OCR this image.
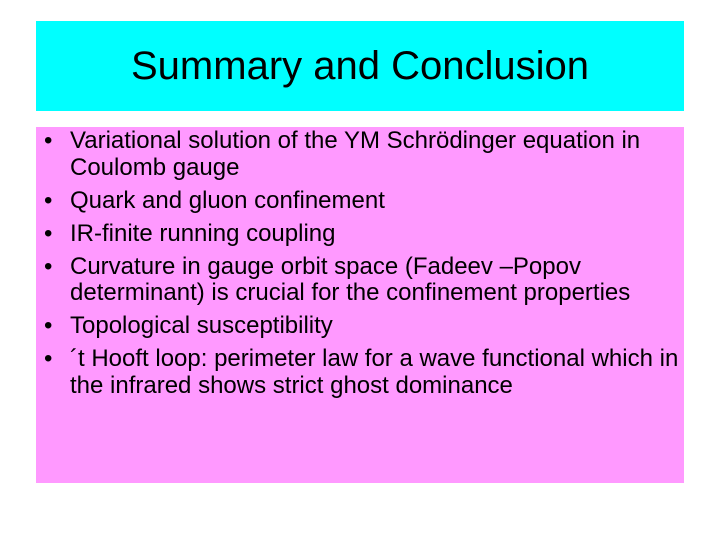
Summary and Conclusion
• Variational solution of the YM Schrödinger equation in Coulomb gauge
• Quark and gluon confinement
• IR-finite running coupling
• Curvature in gauge orbit space (Fadeev –Popov determinant) is crucial for the confinement properties
• Topological susceptibility
• ´t Hooft loop: perimeter law for a wave functional which in the infrared shows strict ghost dominance
